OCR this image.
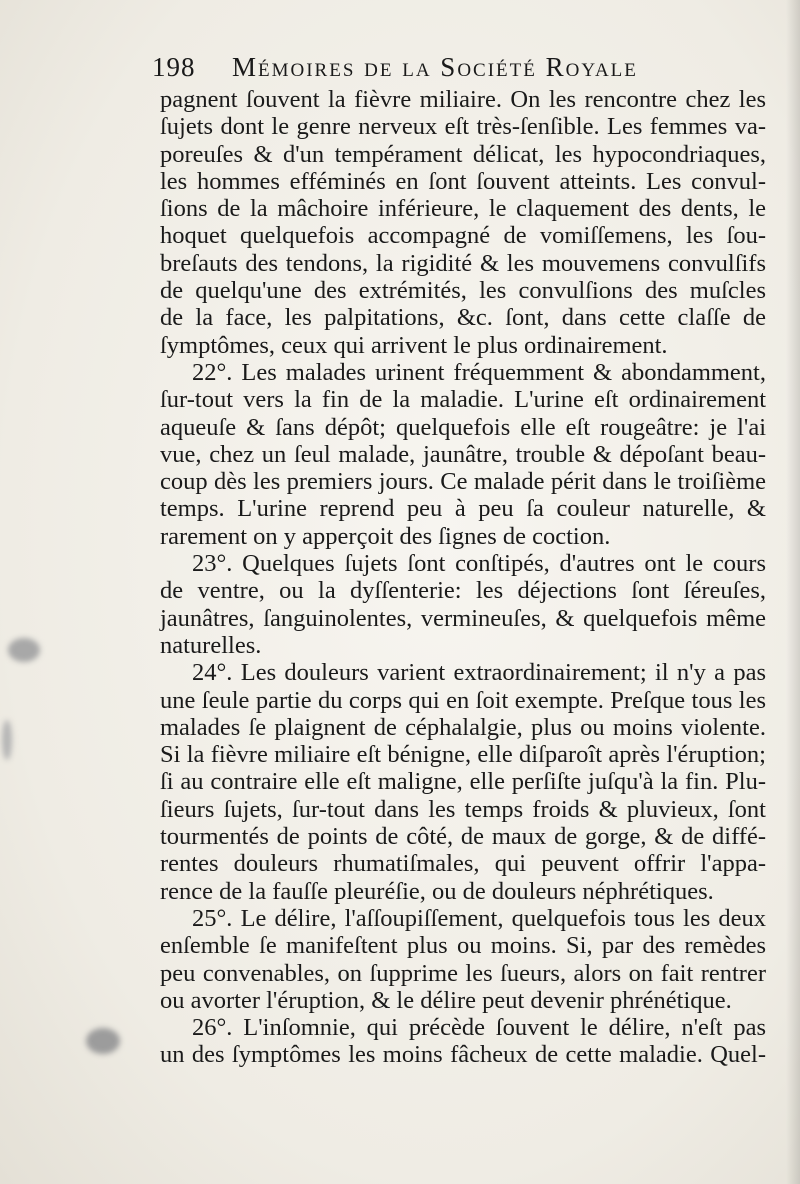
198 Mémoires de la Société Royale
pagnent ſouvent la fièvre miliaire. On les rencontre chez les
ſujets dont le genre nerveux eſt très-ſenſible. Les femmes va-
poreuſes & d'un tempérament délicat, les hypocondriaques,
les hommes efféminés en ſont ſouvent atteints. Les convul-
ſions de la mâchoire inférieure, le claquement des dents, le
hoquet quelquefois accompagné de vomiſſemens, les ſou-
breſauts des tendons, la rigidité & les mouvemens convulſifs
de quelqu'une des extrémités, les convulſions des muſcles
de la face, les palpitations, &c. ſont, dans cette claſſe de
ſymptômes, ceux qui arrivent le plus ordinairement.
22°. Les malades urinent fréquemment & abondamment,
ſur-tout vers la fin de la maladie. L'urine eſt ordinairement
aqueuſe & ſans dépôt; quelquefois elle eſt rougeâtre: je l'ai
vue, chez un ſeul malade, jaunâtre, trouble & dépoſant beau-
coup dès les premiers jours. Ce malade périt dans le troiſième
temps. L'urine reprend peu à peu ſa couleur naturelle, &
rarement on y apperçoit des ſignes de coction.
23°. Quelques ſujets ſont conſtipés, d'autres ont le cours
de ventre, ou la dyſſenterie: les déjections ſont ſéreuſes,
jaunâtres, ſanguinolentes, vermineuſes, & quelquefois même
naturelles.
24°. Les douleurs varient extraordinairement; il n'y a pas
une ſeule partie du corps qui en ſoit exempte. Preſque tous les
malades ſe plaignent de céphalalgie, plus ou moins violente.
Si la fièvre miliaire eſt bénigne, elle diſparoît après l'éruption;
ſi au contraire elle eſt maligne, elle perſiſte juſqu'à la fin. Plu-
ſieurs ſujets, ſur-tout dans les temps froids & pluvieux, ſont
tourmentés de points de côté, de maux de gorge, & de diffé-
rentes douleurs rhumatiſmales, qui peuvent offrir l'appa-
rence de la fauſſe pleuréſie, ou de douleurs néphrétiques.
25°. Le délire, l'aſſoupiſſement, quelquefois tous les deux
enſemble ſe manifeſtent plus ou moins. Si, par des remèdes
peu convenables, on ſupprime les ſueurs, alors on fait rentrer
ou avorter l'éruption, & le délire peut devenir phrénétique.
26°. L'inſomnie, qui précède ſouvent le délire, n'eſt pas
un des ſymptômes les moins fâcheux de cette maladie. Quel-
